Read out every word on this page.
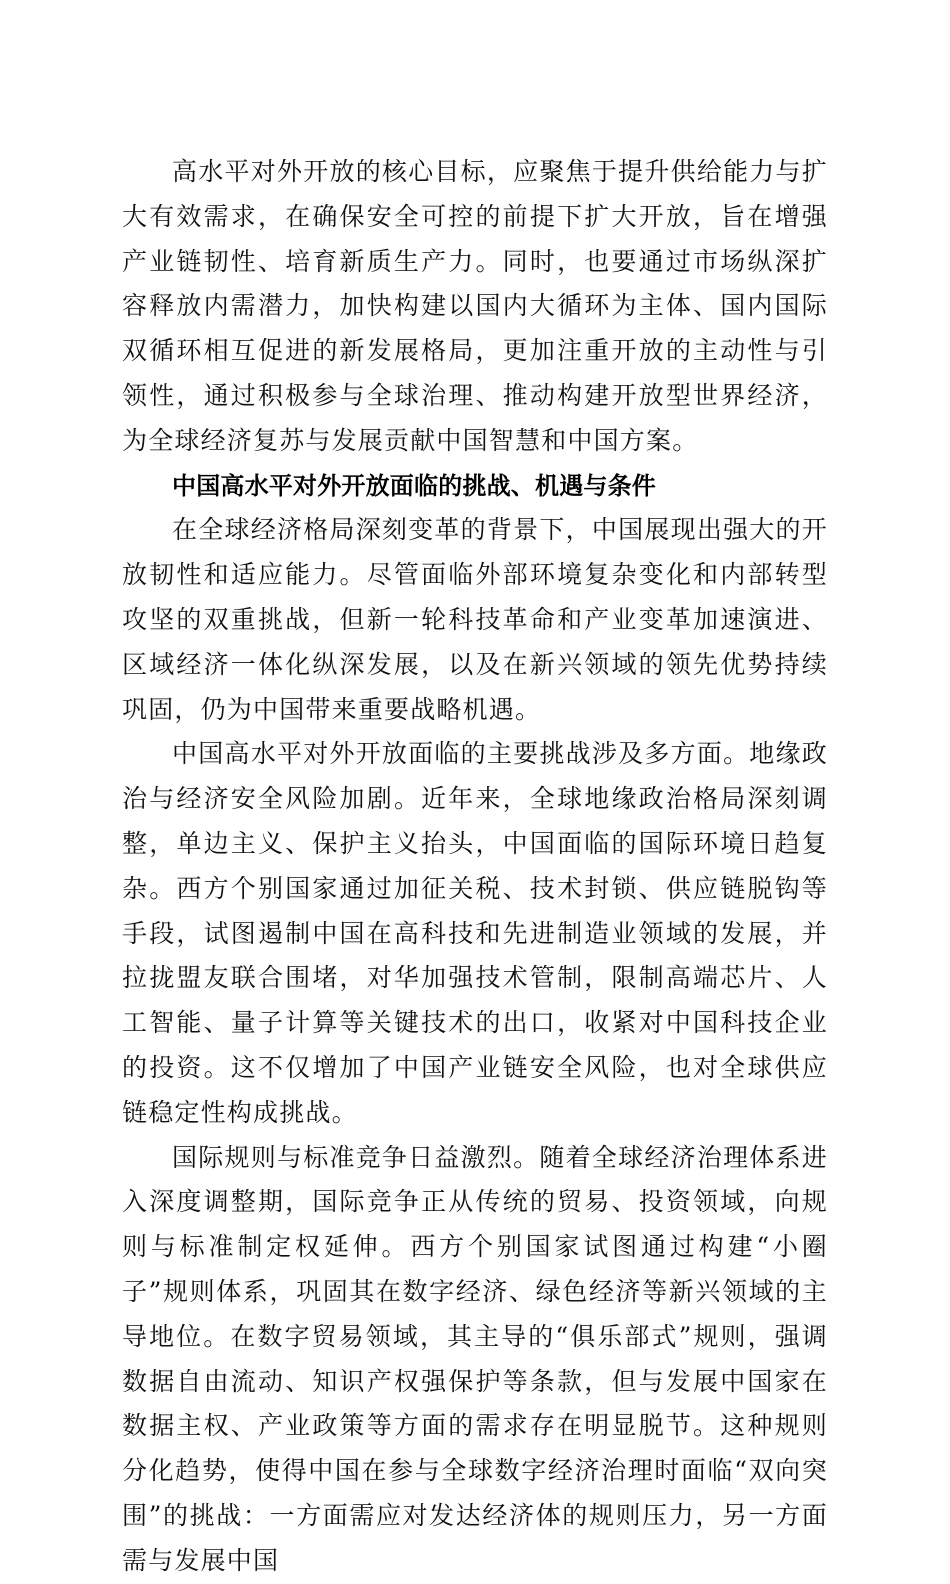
高水平对外开放的核心目标，应聚焦于提升供给能力与扩大有效需求，在确保安全可控的前提下扩大开放，旨在增强产业链韧性、培育新质生产力。同时，也要通过市场纵深扩容释放内需潜力，加快构建以国内大循环为主体、国内国际双循环相互促进的新发展格局，更加注重开放的主动性与引领性，通过积极参与全球治理、推动构建开放型世界经济，为全球经济复苏与发展贡献中国智慧和中国方案。

中国高水平对外开放面临的挑战、机遇与条件

在全球经济格局深刻变革的背景下，中国展现出强大的开放韧性和适应能力。尽管面临外部环境复杂变化和内部转型攻坚的双重挑战，但新一轮科技革命和产业变革加速演进、区域经济一体化纵深发展，以及在新兴领域的领先优势持续巩固，仍为中国带来重要战略机遇。

中国高水平对外开放面临的主要挑战涉及多方面。地缘政治与经济安全风险加剧。近年来，全球地缘政治格局深刻调整，单边主义、保护主义抬头，中国面临的国际环境日趋复杂。西方个别国家通过加征关税、技术封锁、供应链脱钩等手段，试图遏制中国在高科技和先进制造业领域的发展，并拉拢盟友联合围堵，对华加强技术管制，限制高端芯片、人工智能、量子计算等关键技术的出口，收紧对中国科技企业的投资。这不仅增加了中国产业链安全风险，也对全球供应链稳定性构成挑战。

国际规则与标准竞争日益激烈。随着全球经济治理体系进入深度调整期，国际竞争正从传统的贸易、投资领域，向规则与标准制定权延伸。西方个别国家试图通过构建“小圈子”规则体系，巩固其在数字经济、绿色经济等新兴领域的主导地位。在数字贸易领域，其主导的“俱乐部式”规则，强调数据自由流动、知识产权强保护等条款，但与发展中国家在数据主权、产业政策等方面的需求存在明显脱节。这种规则分化趋势，使得中国在参与全球数字经济治理时面临“双向突围”的挑战：一方面需应对发达经济体的规则压力，另一方面需与发展中国
